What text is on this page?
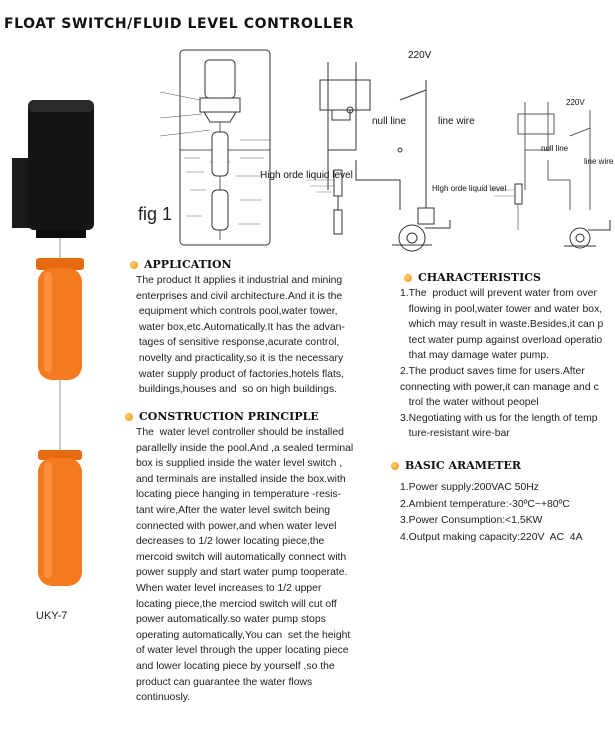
FLOAT SWITCH/FLUID LEVEL CONTROLLER
UKY-7
fig 1
220V
null line	line wire
High orde liquid level
220V
null line
line wire
High orde liquid level
APPLICATION
The product It applies it industrial and mining
enterprises and civil architecture.And it is the
equipment which controls pool,water tower,
water box,etc.Automatically.It has the advan-
tages of sensitive response,acurate control,
novelty and practicality,so it is the necessary
water supply product of factories,hotels flats,
buildings,houses and  so on high buildings.
CONSTRUCTION PRINCIPLE
The  water level controller should be installed
parallelly inside the pool.And ,a sealed terminal
box is supplied inside the water level switch ,
and terminals are installed inside the box.with
locating piece hanging in temperature -resis-
tant wire,After the water level switch being
connected with power,and when water level
decreases to 1/2 lower locating piece,the
mercoid switch will automatically connect with
power supply and start water pump tooperate.
When water level increases to 1/2 upper
locating piece,the merciod switch will cut off
power automatically.so water pump stops
operating automatically,You can  set the height
of water level through the upper locating piece
and lower locating piece by yourself ,so the
product can guarantee the water flows
continuosly.
CHARACTERISTICS
1.The  product will prevent water from over
flowing in pool,water tower and water box,
which may result in waste.Besides,it can p
tect water pump against overload operatio
that may damage water pump.
2.The product saves time for users.After
connecting with power,it can manage and c
trol the water without peopel
3.Negotiating with us for the length of temp
ture-resistant wire-bar
BASIC ARAMETER
1.Power supply:200VAC 50Hz
2.Ambient temperature:-30ºC~+80ºC
3.Power Consumption:<1.5KW
4.Output making capacity:220V  AC  4A
